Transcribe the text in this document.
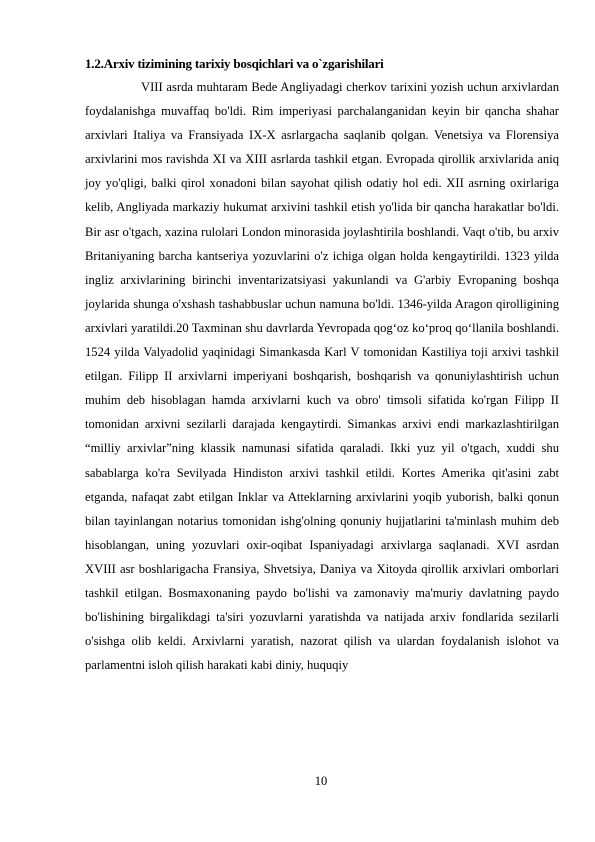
1.2.Arxiv tizimining tarixiy bosqichlari va o`zgarishilari

VIII asrda muhtaram Bede Angliyadagi cherkov tarixini yozish uchun arxivlardan foydalanishga muvaffaq bo'ldi. Rim imperiyasi parchalanganidan keyin bir qancha shahar arxivlari Italiya va Fransiyada IX-X asrlargacha saqlanib qolgan. Venetsiya va Florensiya arxivlarini mos ravishda XI va XIII asrlarda tashkil etgan. Evropada qirollik arxivlarida aniq joy yo'qligi, balki qirol xonadoni bilan sayohat qilish odatiy hol edi. XII asrning oxirlariga kelib, Angliyada markaziy hukumat arxivini tashkil etish yo'lida bir qancha harakatlar bo'ldi. Bir asr o'tgach, xazina rulolari London minorasida joylashtirila boshlandi. Vaqt o'tib, bu arxiv Britaniyaning barcha kantseriya yozuvlarini o'z ichiga olgan holda kengaytirildi. 1323 yilda ingliz arxivlarining birinchi inventarizatsiyasi yakunlandi va G'arbiy Evropaning boshqa joylarida shunga o'xshash tashabbuslar uchun namuna bo'ldi. 1346-yilda Aragon qirolligining arxivlari yaratildi.20 Taxminan shu davrlarda Yevropada qog‘oz ko‘proq qo‘llanila boshlandi. 1524 yilda Valyadolid yaqinidagi Simankasda Karl V tomonidan Kastiliya toji arxivi tashkil etilgan. Filipp II arxivlarni imperiyani boshqarish, boshqarish va qonuniylashtirish uchun muhim deb hisoblagan hamda arxivlarni kuch va obro' timsoli sifatida ko'rgan Filipp II tomonidan arxivni sezilarli darajada kengaytirdi. Simankas arxivi endi markazlashtirilgan “milliy arxivlar”ning klassik namunasi sifatida qaraladi. Ikki yuz yil o'tgach, xuddi shu sabablarga ko'ra Sevilyada Hindiston arxivi tashkil etildi. Kortes Amerika qit'asini zabt etganda, nafaqat zabt etilgan Inklar va Atteklarning arxivlarini yoqib yuborish, balki qonun bilan tayinlangan notarius tomonidan ishg'olning qonuniy hujjatlarini ta'minlash muhim deb hisoblangan, uning yozuvlari oxir-oqibat Ispaniyadagi arxivlarga saqlanadi. XVI asrdan XVIII asr boshlarigacha Fransiya, Shvetsiya, Daniya va Xitoyda qirollik arxivlari omborlari tashkil etilgan. Bosmaxonaning paydo bo'lishi va zamonaviy ma'muriy davlatning paydo bo'lishining birgalikdagi ta'siri yozuvlarni yaratishda va natijada arxiv fondlarida sezilarli o'sishga olib keldi. Arxivlarni yaratish, nazorat qilish va ulardan foydalanish islohot va parlamentni isloh qilish harakati kabi diniy, huquqiy

10
